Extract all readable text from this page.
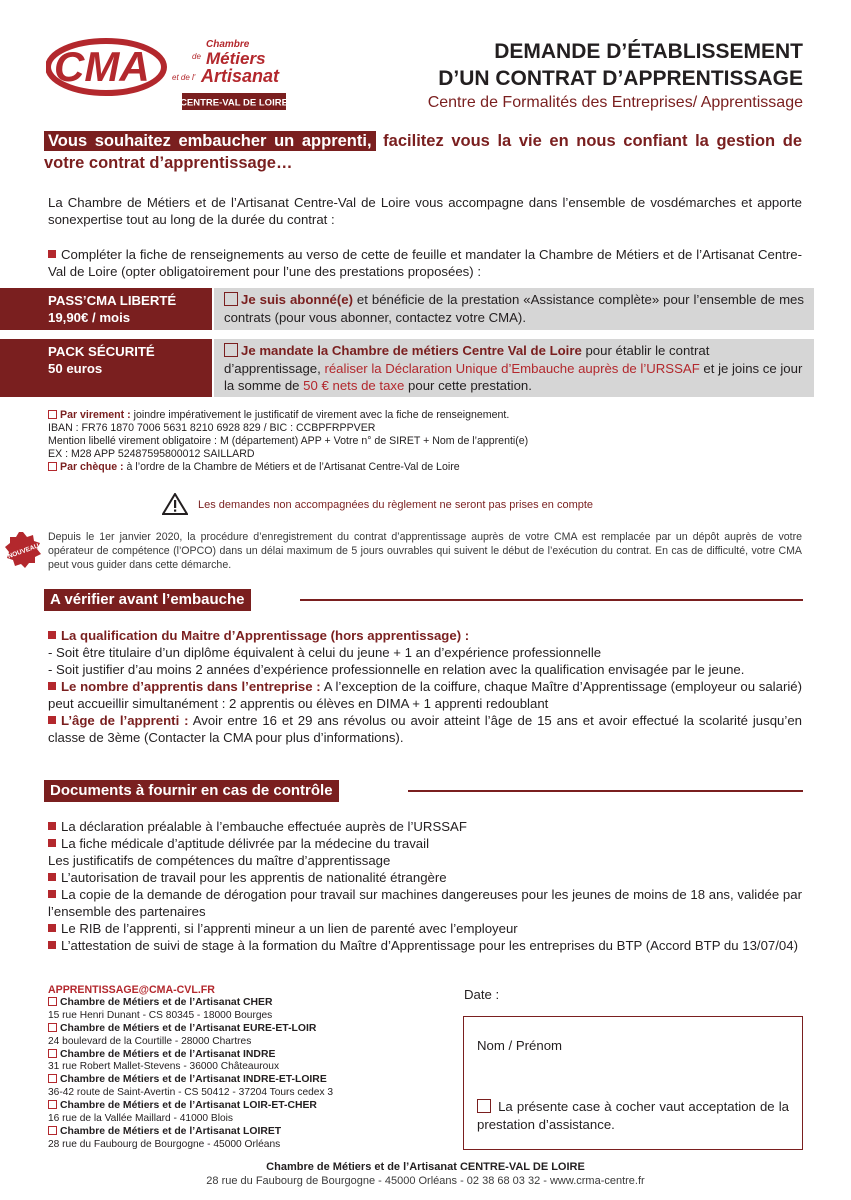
CMA	Chambre
de Métiers
et de l' Artisanat
CENTRE-VAL DE LOIRE
DEMANDE D’ÉTABLISSEMENT
D’UN CONTRAT D’APPRENTISSAGE
Centre de Formalités des Entreprises/ Apprentissage
Vous souhaitez embaucher un apprenti, facilitez vous la vie en nous confiant la gestion de votre contrat d’apprentissage…
La Chambre de Métiers et de l’Artisanat Centre-Val de Loire vous accompagne dans l’ensemble de vosdémarches et apporte sonexpertise tout au long de la durée du contrat :
Compléter la fiche de renseignements au verso de cette de feuille et mandater la Chambre de Métiers et de l’Artisanat Centre-Val de Loire (opter obligatoirement pour l’une des prestations proposées) :
PASS’CMA LIBERTÉ
19,90€ / mois
Je suis abonné(e) et bénéficie de la prestation «Assistance complète» pour l’ensemble de mes contrats (pour vous abonner, contactez votre CMA).
PACK SÉCURITÉ
50 euros
Je mandate la Chambre de métiers Centre Val de Loire pour établir le contrat d’apprentissage, réaliser la Déclaration Unique d’Embauche auprès de l’URSSAF et je joins ce jour la somme de 50 € nets de taxe pour cette prestation.
Par virement : joindre impérativement le justificatif de virement avec la fiche de renseignement.
IBAN : FR76 1870 7006 5631 8210 6928 829 / BIC : CCBPFRPPVER
Mention libellé virement obligatoire : M (département) APP + Votre n° de SIRET + Nom de l’apprenti(e)
EX : M28 APP 52487595800012 SAILLARD
Par chèque : à l’ordre de la Chambre de Métiers et de l’Artisanat Centre-Val de Loire
Les demandes non accompagnées du règlement ne seront pas prises en compte
NOUVEAU
Depuis le 1er janvier 2020, la procédure d’enregistrement du contrat d’apprentissage auprès de votre CMA est remplacée par un dépôt auprès de votre opérateur de compétence (l’OPCO) dans un délai maximum de 5 jours ouvrables qui suivent le début de l’exécution du contrat. En cas de difficulté, votre CMA peut vous guider dans cette démarche.
A vérifier avant l’embauche
La qualification du Maitre d’Apprentissage (hors apprentissage) :
- Soit être titulaire d’un diplôme équivalent à celui du jeune + 1 an d’expérience professionnelle
- Soit justifier d’au moins 2 années d’expérience professionnelle en relation avec la qualification envisagée par le jeune.
Le nombre d’apprentis dans l’entreprise : A l’exception de la coiffure, chaque Maître d’Apprentissage (employeur ou salarié) peut accueillir simultanément : 2 apprentis ou élèves en DIMA + 1 apprenti redoublant
L’âge de l’apprenti : Avoir entre 16 et 29 ans révolus ou avoir atteint l’âge de 15 ans et avoir effectué la scolarité jusqu’en classe de 3ème (Contacter la CMA pour plus d’informations).
Documents à fournir en cas de contrôle
La déclaration préalable à l’embauche effectuée auprès de l’URSSAF
La fiche médicale d’aptitude délivrée par la médecine du travail
Les justificatifs de compétences du maître d’apprentissage
L’autorisation de travail pour les apprentis de nationalité étrangère
La copie de la demande de dérogation pour travail sur machines dangereuses pour les jeunes de moins de 18 ans, validée par l’ensemble des partenaires
Le RIB de l’apprenti, si l’apprenti mineur a un lien de parenté avec l’employeur
L’attestation de suivi de stage à la formation du Maître d’Apprentissage pour les entreprises du BTP (Accord BTP du 13/07/04)
APPRENTISSAGE@CMA-CVL.FR
Chambre de Métiers et de l’Artisanat CHER
15 rue Henri Dunant - CS 80345 - 18000 Bourges
Chambre de Métiers et de l’Artisanat EURE-ET-LOIR
24 boulevard de la Courtille - 28000 Chartres
Chambre de Métiers et de l’Artisanat INDRE
31 rue Robert Mallet-Stevens - 36000 Châteauroux
Chambre de Métiers et de l’Artisanat INDRE-ET-LOIRE
36-42 route de Saint-Avertin - CS 50412 - 37204 Tours cedex 3
Chambre de Métiers et de l’Artisanat LOIR-ET-CHER
16 rue de la Vallée Maillard - 41000 Blois
Chambre de Métiers et de l’Artisanat LOIRET
28 rue du Faubourg de Bourgogne - 45000 Orléans
Date :
Nom / Prénom
La présente case à cocher vaut acceptation de la prestation d’assistance.
Chambre de Métiers et de l’Artisanat CENTRE-VAL DE LOIRE
28 rue du Faubourg de Bourgogne - 45000 Orléans - 02 38 68 03 32 - www.crma-centre.fr
